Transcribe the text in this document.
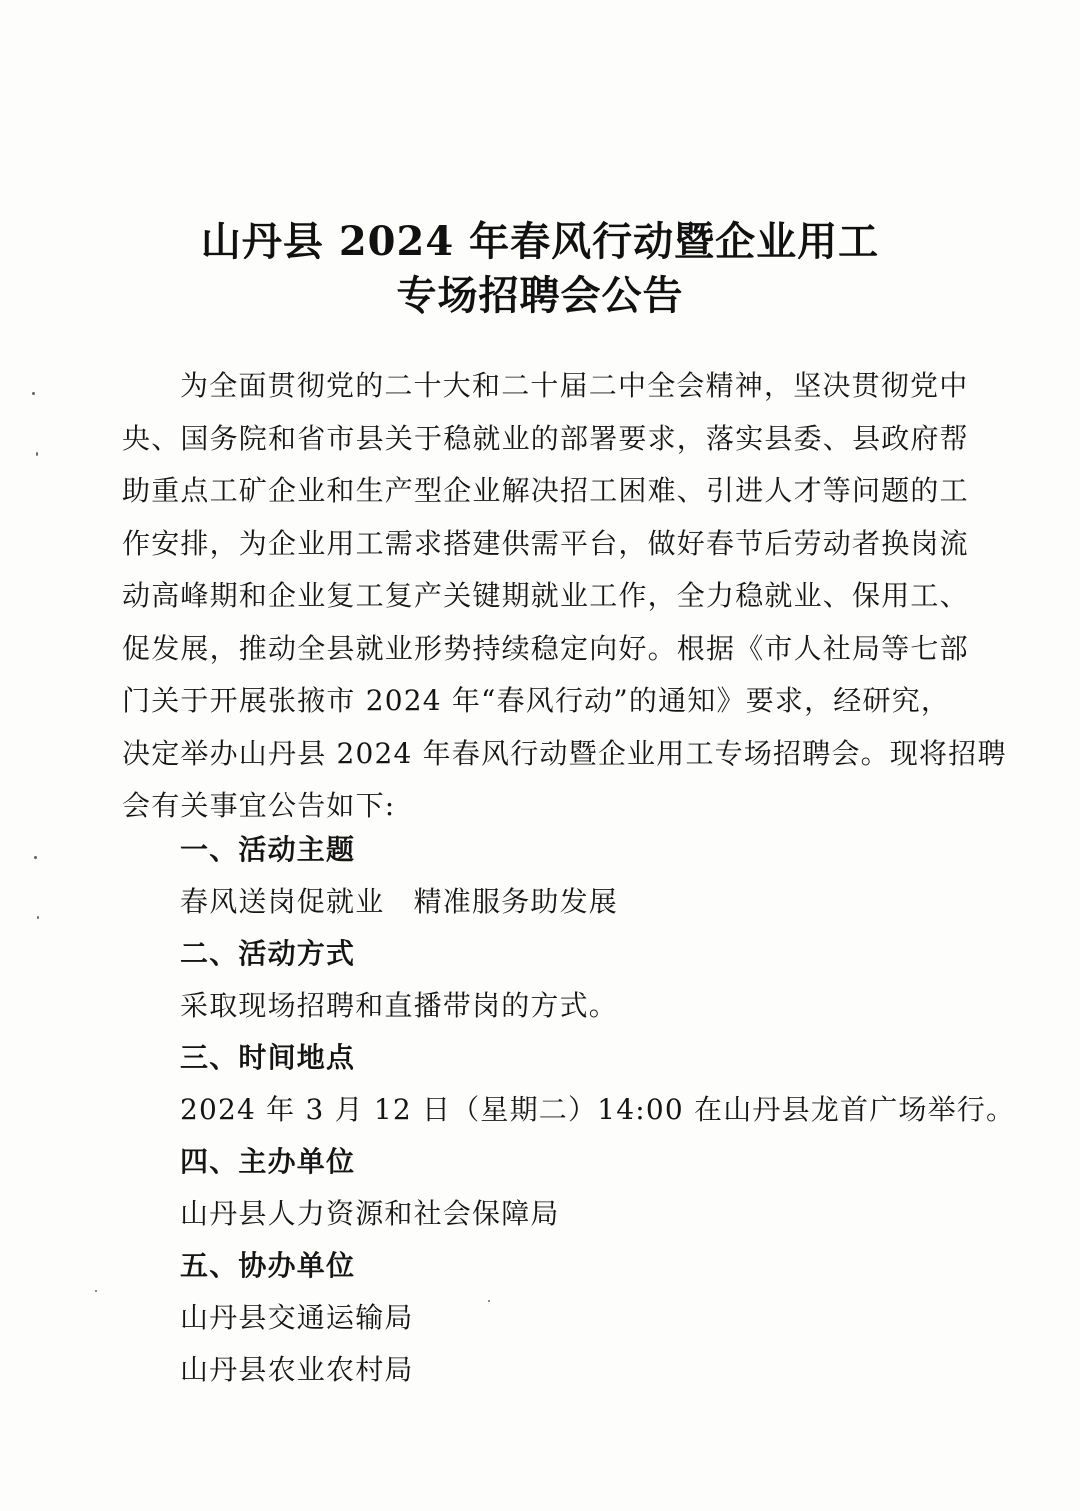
山丹县 2024 年春风行动暨企业用工
专场招聘会公告
为全面贯彻党的二十大和二十届二中全会精神，坚决贯彻党中
央、国务院和省市县关于稳就业的部署要求，落实县委、县政府帮
助重点工矿企业和生产型企业解决招工困难、引进人才等问题的工
作安排，为企业用工需求搭建供需平台，做好春节后劳动者换岗流
动高峰期和企业复工复产关键期就业工作，全力稳就业、保用工、
促发展，推动全县就业形势持续稳定向好。根据《市人社局等七部
门关于开展张掖市 2024 年“春风行动”的通知》要求，经研究，
决定举办山丹县 2024 年春风行动暨企业用工专场招聘会。现将招聘
会有关事宜公告如下:
一、活动主题
春风送岗促就业　精准服务助发展
二、活动方式
采取现场招聘和直播带岗的方式。
三、时间地点
2024 年 3 月 12 日（星期二）14:00 在山丹县龙首广场举行。
四、主办单位
山丹县人力资源和社会保障局
五、协办单位
山丹县交通运输局
山丹县农业农村局
